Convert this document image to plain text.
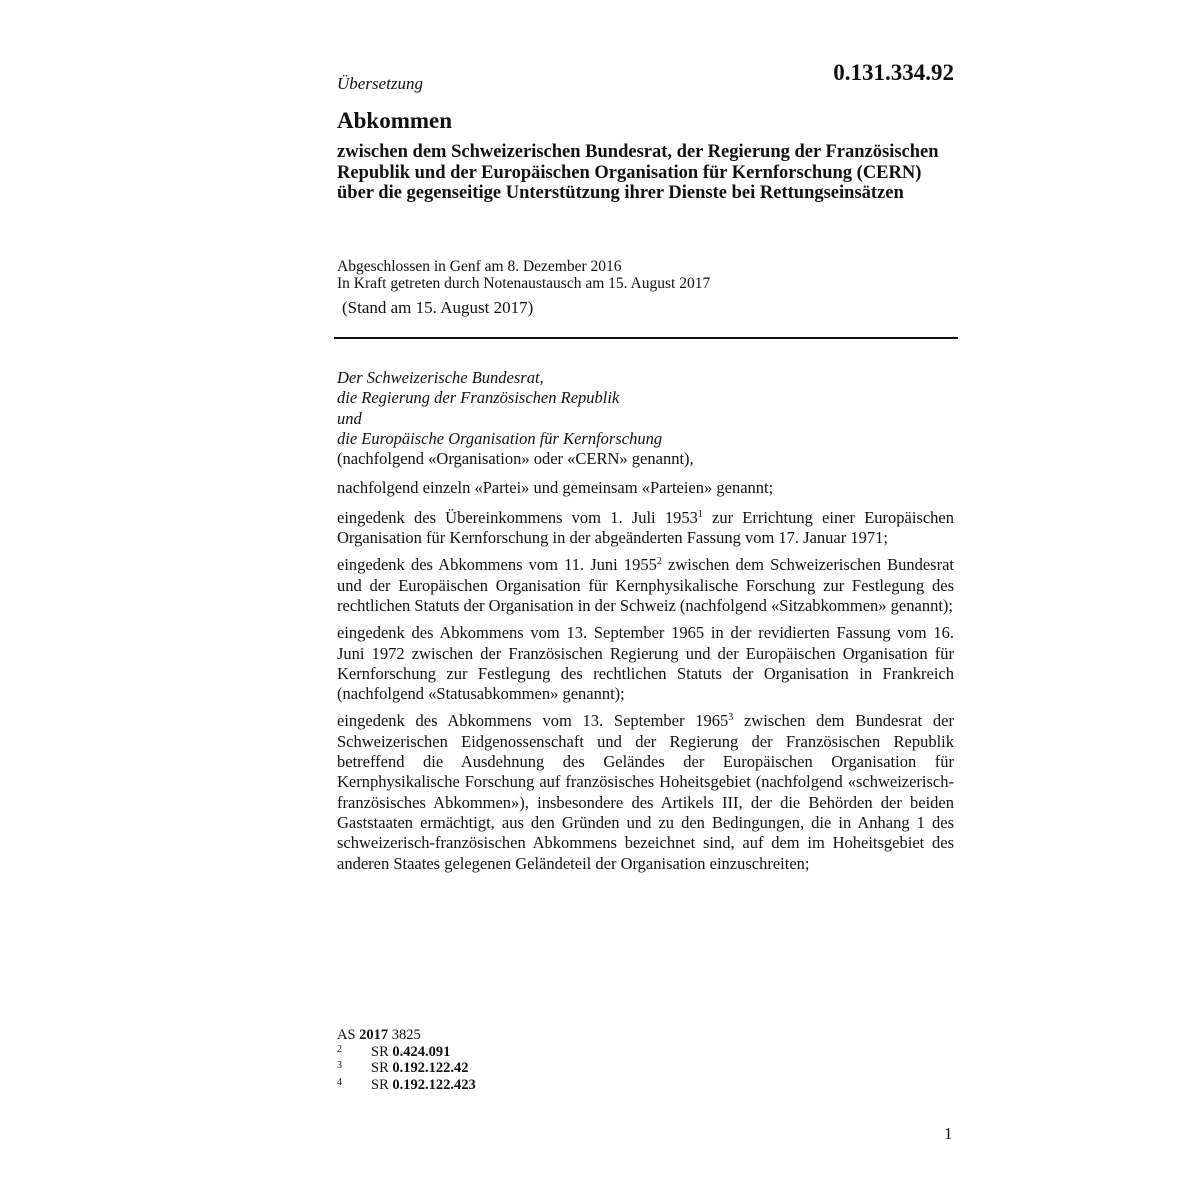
Übersetzung	0.131.334.92
Abkommen
zwischen dem Schweizerischen Bundesrat, der Regierung der Französischen Republik und der Europäischen Organisation für Kernforschung (CERN) über die gegenseitige Unterstützung ihrer Dienste bei Rettungseinsätzen
Abgeschlossen in Genf am 8. Dezember 2016
In Kraft getreten durch Notenaustausch am 15. August 2017
(Stand am 15. August 2017)

Der Schweizerische Bundesrat,

die Regierung der Französischen Republik

und

die Europäische Organisation für Kernforschung

(nachfolgend «Organisation» oder «CERN» genannt),

nachfolgend einzeln «Partei» und gemeinsam «Parteien» genannt;

eingedenk des Übereinkommens vom 1. Juli 1953$^1$ zur Errichtung einer Europäischen Organisation für Kernforschung in der abgeänderten Fassung vom 17. Januar 1971;

eingedenk des Abkommens vom 11. Juni 1955$^2$ zwischen dem Schweizerischen Bundesrat und der Europäischen Organisation für Kernphysikalische Forschung zur Festlegung des rechtlichen Statuts der Organisation in der Schweiz (nachfolgend «Sitzabkommen» genannt);

eingedenk des Abkommens vom 13. September 1965 in der revidierten Fassung vom 16. Juni 1972 zwischen der Französischen Regierung und der Europäischen Organisation für Kernforschung zur Festlegung des rechtlichen Statuts der Organisation in Frankreich (nachfolgend «Statusabkommen» genannt);

eingedenk des Abkommens vom 13. September 1965$^3$ zwischen dem Bundesrat der Schweizerischen Eidgenossenschaft und der Regierung der Französischen Republik betreffend die Ausdehnung des Geländes der Europäischen Organisation für Kernphysikalische Forschung auf französisches Hoheitsgebiet (nachfolgend «schweizerisch-französisches Abkommen»), insbesondere des Artikels III, der die Behörden der beiden Gaststaaten ermächtigt, aus den Gründen und zu den Bedingungen, die in Anhang 1 des schweizerisch-französischen Abkommens bezeichnet sind, auf dem im Hoheitsgebiet des anderen Staates gelegenen Geländeteil der Organisation einzuschreiten;

AS 2017 3825
2	SR
0.424.091
3	SR
0.192.122.42
4	SR
0.192.122.423
1
